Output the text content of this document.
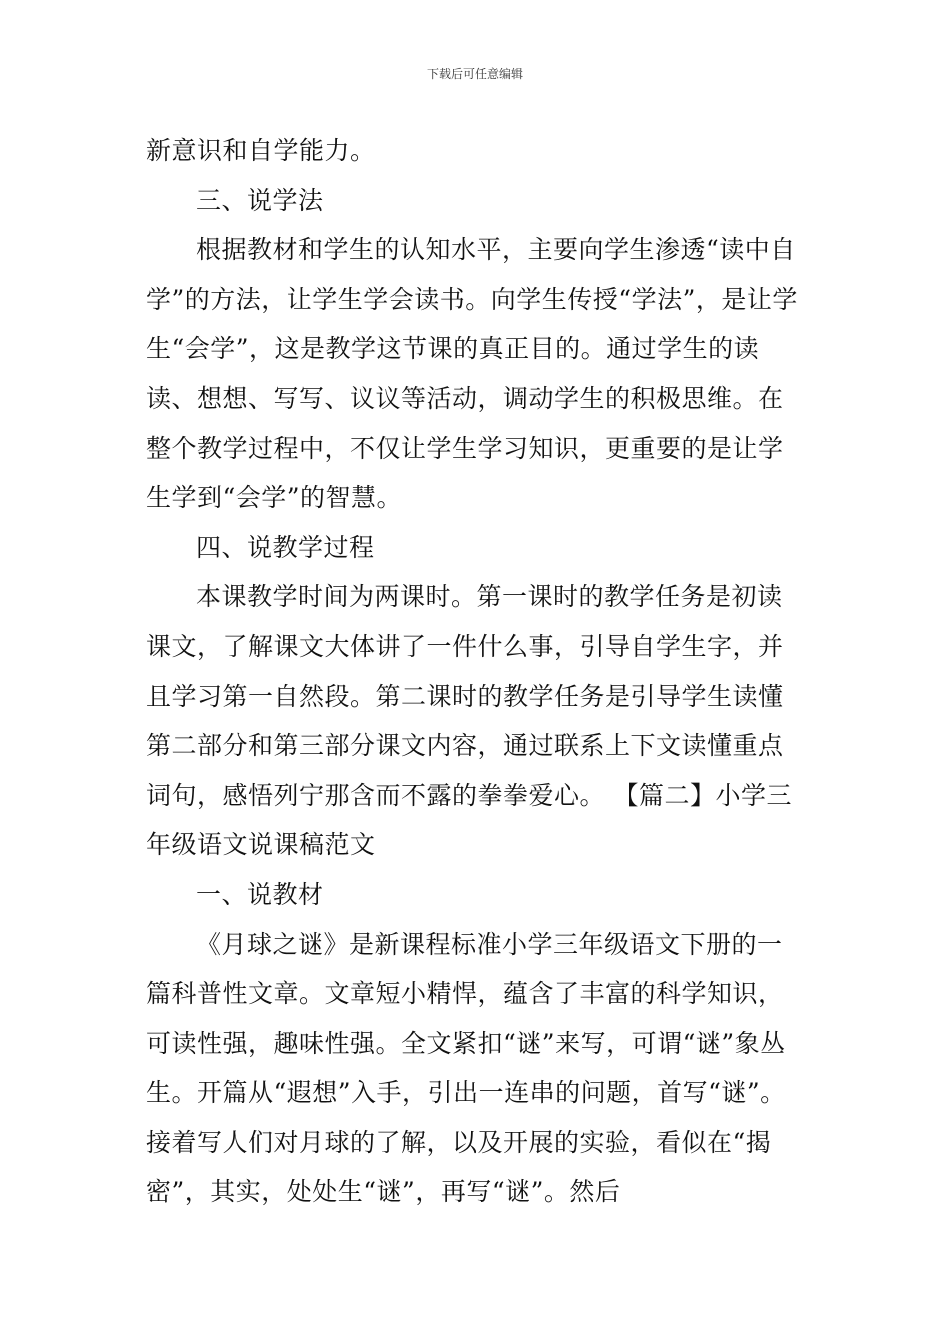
下载后可任意编辑

新意识和自学能力。

三、说学法

根据教材和学生的认知水平，主要向学生渗透“读中自学”的方法，让学生学会读书。向学生传授“学法”，是让学生“会学”，这是教学这节课的真正目的。通过学生的读读、想想、写写、议议等活动，调动学生的积极思维。在整个教学过程中，不仅让学生学习知识，更重要的是让学生学到“会学”的智慧。

四、说教学过程

本课教学时间为两课时。第一课时的教学任务是初读课文，了解课文大体讲了一件什么事，引导自学生字，并且学习第一自然段。第二课时的教学任务是引导学生读懂第二部分和第三部分课文内容，通过联系上下文读懂重点词句，感悟列宁那含而不露的拳拳爱心。 【篇二】小学三年级语文说课稿范文

一、说教材

《月球之谜》是新课程标准小学三年级语文下册的一篇科普性文章。文章短小精悍，蕴含了丰富的科学知识，可读性强，趣味性强。全文紧扣“谜”来写，可谓“谜”象丛生。开篇从“遐想”入手，引出一连串的问题，首写“谜”。接着写人们对月球的了解，以及开展的实验，看似在“揭密”，其实，处处生“谜”，再写“谜”。然后
